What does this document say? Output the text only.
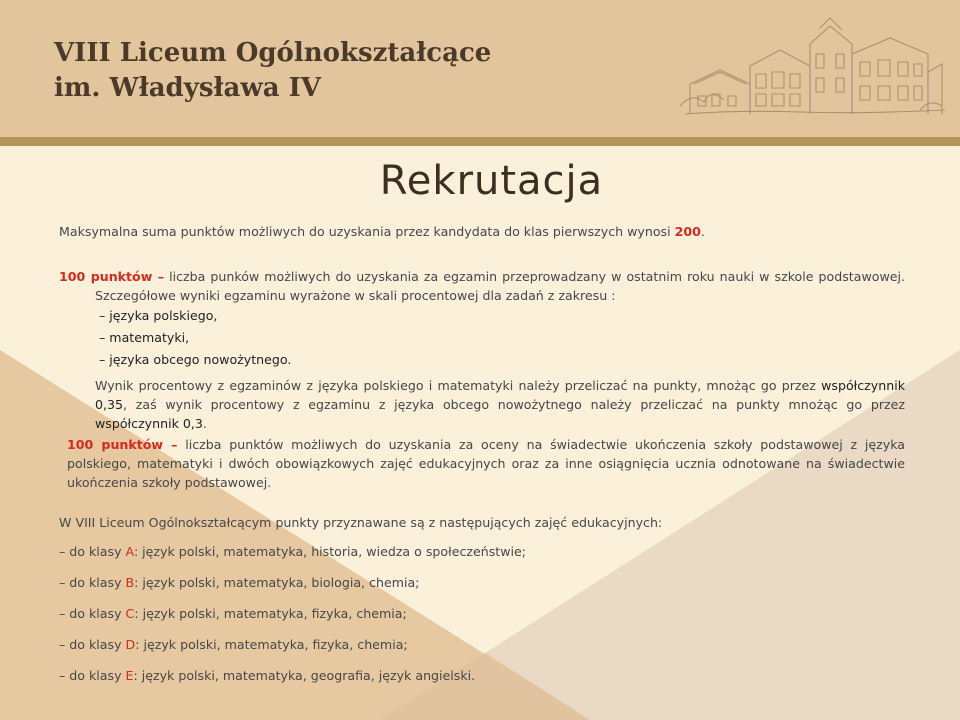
VIII Liceum Ogólnokształcące
im. Władysława IV
Rekrutacja

Maksymalna suma punktów możliwych do uzyskania przez kandydata do klas pierwszych wynosi 200.

100 punktów – liczba punków możliwych do uzyskania za egzamin przeprowadzany w ostatnim roku nauki w szkole podstawowej. Szczegółowe wyniki egzaminu wyrażone w skali procentowej dla zadań z zakresu :

– języka polskiego,
– matematyki,
– języka obcego nowożytnego.

Wynik procentowy z egzaminów z języka polskiego i matematyki należy przeliczać na punkty, mnożąc go przez współczynnik 0,35, zaś wynik procentowy z egzaminu z języka obcego nowożytnego należy przeliczać na punkty mnożąc go przez współczynnik 0,3.

100 punktów – liczba punktów możliwych do uzyskania za oceny na świadectwie ukończenia szkoły podstawowej z języka polskiego, matematyki i dwóch obowiązkowych zajęć edukacyjnych oraz za inne osiągnięcia ucznia odnotowane na świadectwie ukończenia szkoły podstawowej.

W VIII Liceum Ogólnokształcącym punkty przyznawane są z następujących zajęć edukacyjnych:

– do klasy A: język polski, matematyka, historia, wiedza o społeczeństwie;

– do klasy B: język polski, matematyka, biologia, chemia;

– do klasy C: język polski, matematyka, fizyka, chemia;

– do klasy D: język polski, matematyka, fizyka, chemia;

– do klasy E: język polski, matematyka, geografia, język angielski.
